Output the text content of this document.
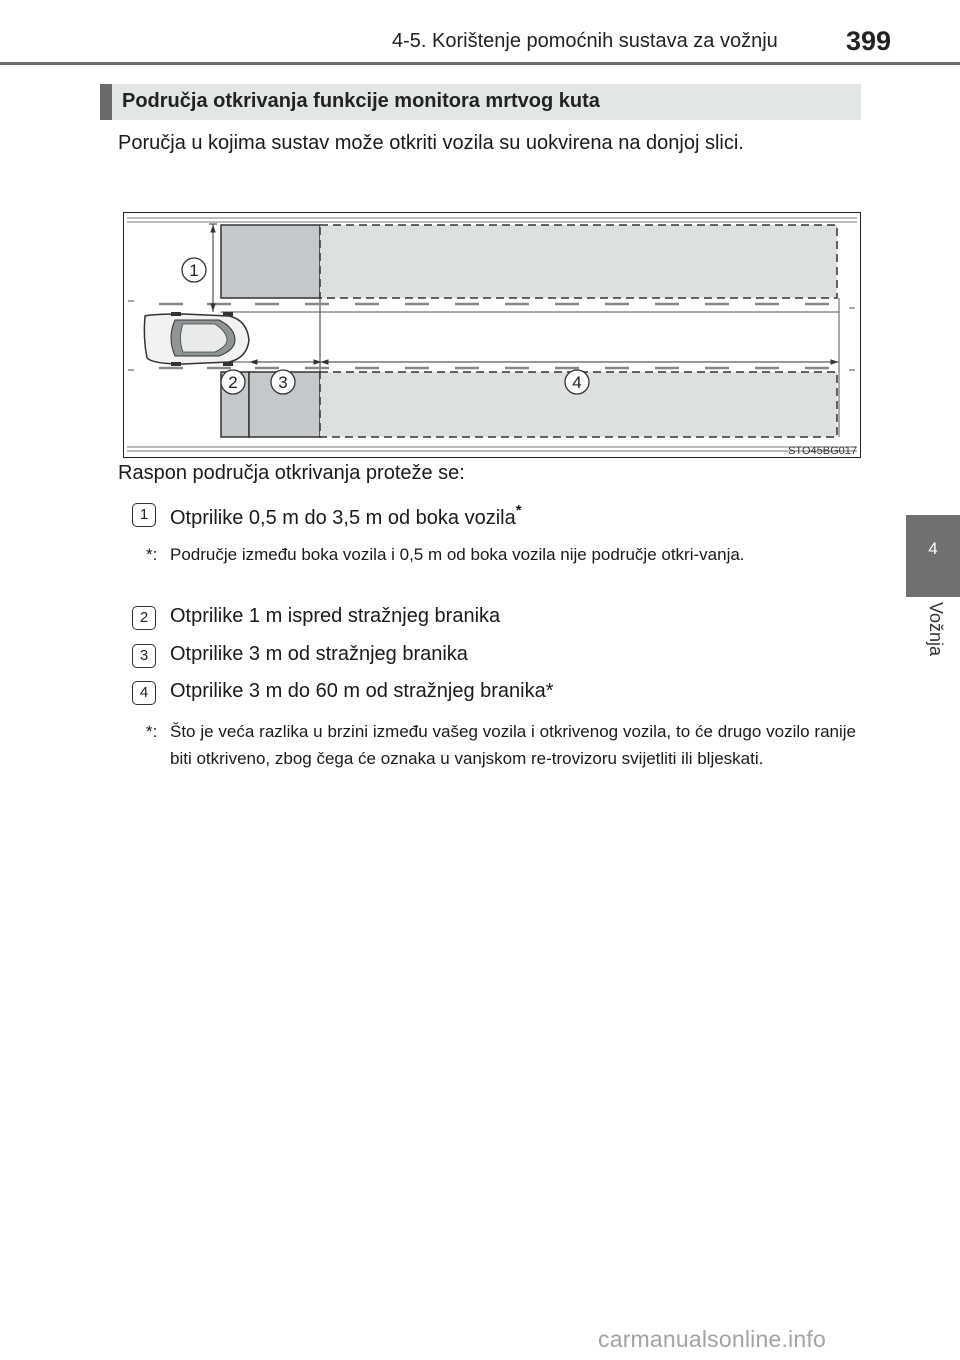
4-5. Korištenje pomoćnih sustava za vožnju	399
4
Vožnja
Područja otkrivanja funkcije monitora mrtvog kuta

Poručja u kojima sustav može otkriti vozila su uokvirena na donjoj slici.

1
2 3	4
STO45BG017
Raspon područja otkrivanja proteže se:
1	Otprilike 0,5 m do 3,5 m od boka vozila*
*: Područje između boka vozila i 0,5 m od boka vozila nije područje otkri-vanja.
2	Otprilike 1 m ispred stražnjeg branika
3	Otprilike 3 m od stražnjeg branika
4	Otprilike 3 m do 60 m od stražnjeg branika*
*: Što je veća razlika u brzini između vašeg vozila i otkrivenog vozila, to će drugo vozilo ranije biti otkriveno, zbog čega će oznaka u vanjskom re-trovizoru svijetliti ili bljeskati.
carmanualsonline.info
